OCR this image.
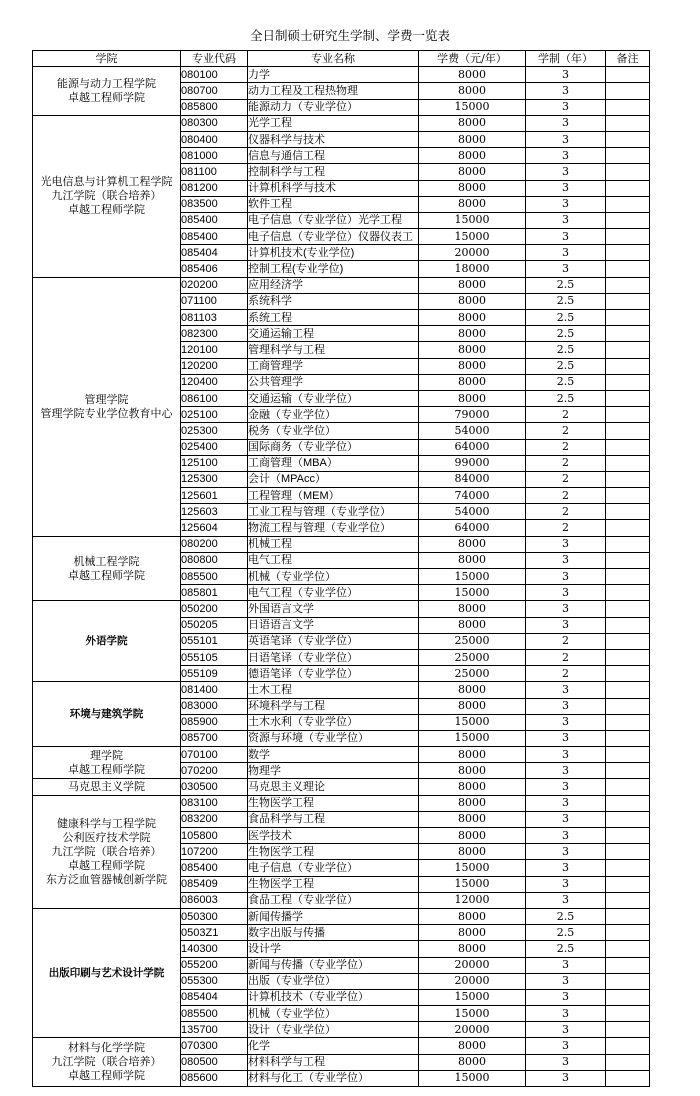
全日制硕士研究生学制、学费一览表
学院	专业代码	专业名称	学费（元/年）	学制（年）	备注

能源与动力工程学院
卓越工程师学院	080100	力学	8000	3	
	080700	动力工程及工程热物理	8000	3	
	085800	能源动力（专业学位）	15000	3	

光电信息与计算机工程学院
九江学院（联合培养）
卓越工程师学院	080300	光学工程	8000	3	
	080400	仪器科学与技术	8000	3	
	081000	信息与通信工程	8000	3	
	081100	控制科学与工程	8000	3	
	081200	计算机科学与技术	8000	3	
	083500	软件工程	8000	3	
	085400	电子信息（专业学位）光学工程	15000	3	
	085400	电子信息（专业学位）仪器仪表工	15000	3	
	085404	计算机技术(专业学位)	20000	3	
	085406	控制工程(专业学位)	18000	3	

管理学院
管理学院专业学位教育中心	020200	应用经济学	8000	2.5	
	071100	系统科学	8000	2.5	
	081103	系统工程	8000	2.5	
	082300	交通运输工程	8000	2.5	
	120100	管理科学与工程	8000	2.5	
	120200	工商管理学	8000	2.5	
	120400	公共管理学	8000	2.5	
	086100	交通运输（专业学位）	8000	2.5	
	025100	金融（专业学位）	79000	2	
	025300	税务（专业学位）	54000	2	
	025400	国际商务（专业学位）	64000	2	
	125100	工商管理（MBA）	99000	2	
	125300	会计（MPAcc）	84000	2	
	125601	工程管理（MEM）	74000	2	
	125603	工业工程与管理（专业学位）	54000	2	
	125604	物流工程与管理（专业学位）	64000	2	

机械工程学院
卓越工程师学院	080200	机械工程	8000	3	
	080800	电气工程	8000	3	
	085500	机械（专业学位）	15000	3	
	085801	电气工程（专业学位）	15000	3	

外语学院	050200	外国语言文学	8000	3	
	050205	日语语言文学	8000	3	
	055101	英语笔译（专业学位）	25000	2	
	055105	日语笔译（专业学位）	25000	2	
	055109	德语笔译（专业学位）	25000	2	

环境与建筑学院	081400	土木工程	8000	3	
	083000	环境科学与工程	8000	3	
	085900	土木水利（专业学位）	15000	3	
	085700	资源与环境（专业学位）	15000	3	

理学院
卓越工程师学院	070100	数学	8000	3	
	070200	物理学	8000	3	

马克思主义学院	030500	马克思主义理论	8000	3	

健康科学与工程学院
公利医疗技术学院
九江学院（联合培养）
卓越工程师学院
东方泛血管器械创新学院	083100	生物医学工程	8000	3	
	083200	食品科学与工程	8000	3	
	105800	医学技术	8000	3	
	107200	生物医学工程	8000	3	
	085400	电子信息（专业学位）	15000	3	
	085409	生物医学工程	15000	3	
	086003	食品工程（专业学位）	12000	3	

出版印刷与艺术设计学院	050300	新闻传播学	8000	2.5	
	0503Z1	数字出版与传播	8000	2.5	
	140300	设计学	8000	2.5	
	055200	新闻与传播（专业学位）	20000	3	
	055300	出版（专业学位）	20000	3	
	085404	计算机技术（专业学位）	15000	3	
	085500	机械（专业学位）	15000	3	
	135700	设计（专业学位）	20000	3	

材料与化学学院
九江学院（联合培养）
卓越工程师学院	070300	化学	8000	3	
	080500	材料科学与工程	8000	3	
	085600	材料与化工（专业学位）	15000	3	
